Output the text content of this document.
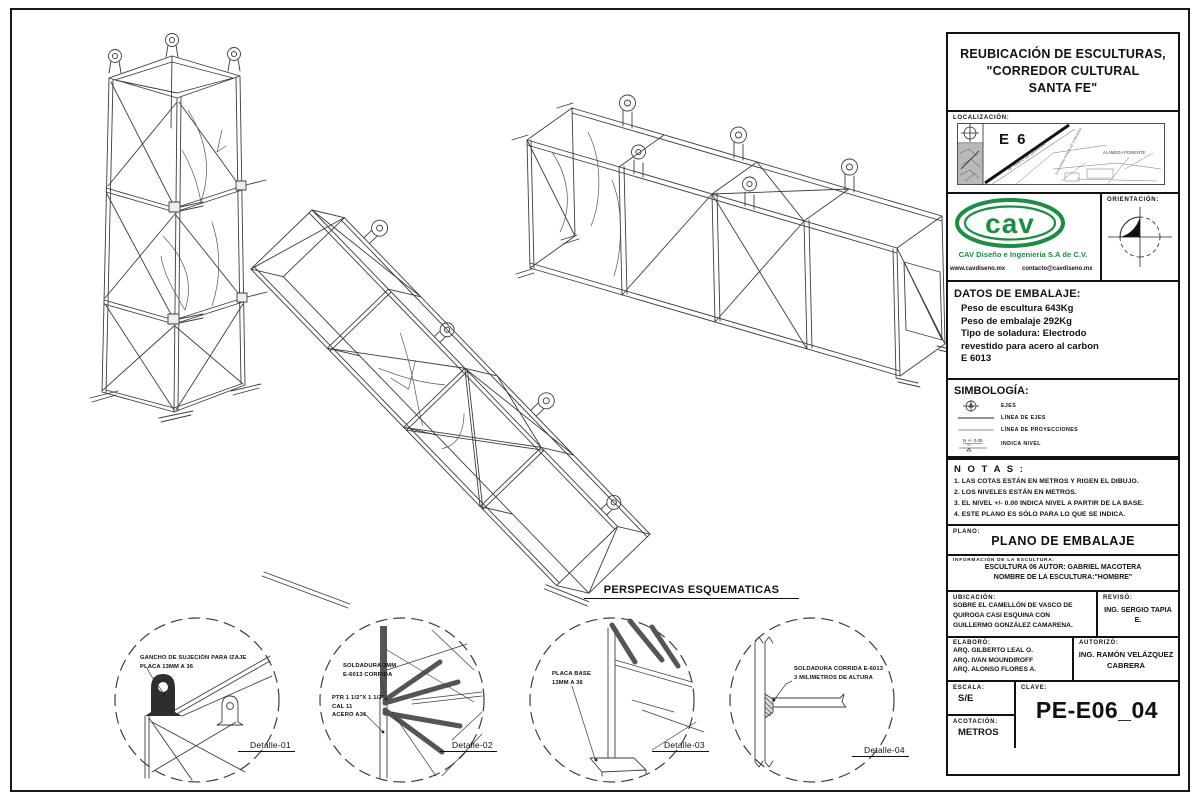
PERSPECIVAS ESQUEMATICAS
GANCHO DE SUJECIÓN PARA IZAJE
PLACA 13MM A 36	SOLDADURA 3MM
E-6013 CORRIDA
PTR 1 1/2"X 1 1/2"
CAL 11
ACERO A36
PLACA BASE
13MM A 36
SOLDADURA CORRIDA E-6013
3 MILIMETROS DE ALTURA
Detalle-01	Detalle-02	Detalle-03	Detalle-04
REUBICACIÓN DE ESCULTURAS,
"CORREDOR CULTURAL
SANTA FE"
LOCALIZACIÓN:
E 6
ALAMEDA PONIENTE
AV. VASCO DE QUIROGA	GUILLERMO GONZÁLEZ CAMARENA
cav
CAV Diseño e Ingeniería S.A de C.V.
www.cavdiseno.mx	contacto@cavdiseno.mx
ORIENTACIÓN:
DATOS DE EMBALAJE:
Peso de escultura 643Kg
Peso de embalaje 292Kg
Tipo de soladura: Electrodo
revestido para acero al carbon
E 6013
SIMBOLOGÍA:
EJES
LÍNEA DE EJES
LÍNEA DE PROYECCIONES
N +/- 0.00
INDICA NIVEL
N O T A S :
1. LAS COTAS ESTÁN EN METROS Y RIGEN EL DIBUJO.
2. LOS NIVELES ESTÁN EN METROS.
3. EL NIVEL +/- 0.00 INDICA NIVEL A PARTIR DE LA BASE.
4. ESTE PLANO ES SÓLO PARA LO QUE SE INDICA.
PLANO:
PLANO DE EMBALAJE
INFORMACIÓN DE LA ESCULTURA:
ESCULTURA 06 AUTOR: GABRIEL MACOTERA
NOMBRE DE LA ESCULTURA:"HOMBRE"
UBICACIÓN:
SOBRE EL CAMELLÓN DE VASCO DE
QUIROGA CASI ESQUINA CON
GUILLERMO GONZÁLEZ CAMARENA.
REVISÓ:
ING. SERGIO TAPIA E.
ELABORÓ:
ARQ. GILBERTO LEAL O.
ARQ. IVAN MOUNDIROFF
ARQ. ALONSO FLORES A.
AUTORIZÓ:
ING. RAMÓN VELÁZQUEZ CABRERA
ESCALA:
S/E
ACOTACIÓN:
METROS
CLAVE:
PE-E06_04
